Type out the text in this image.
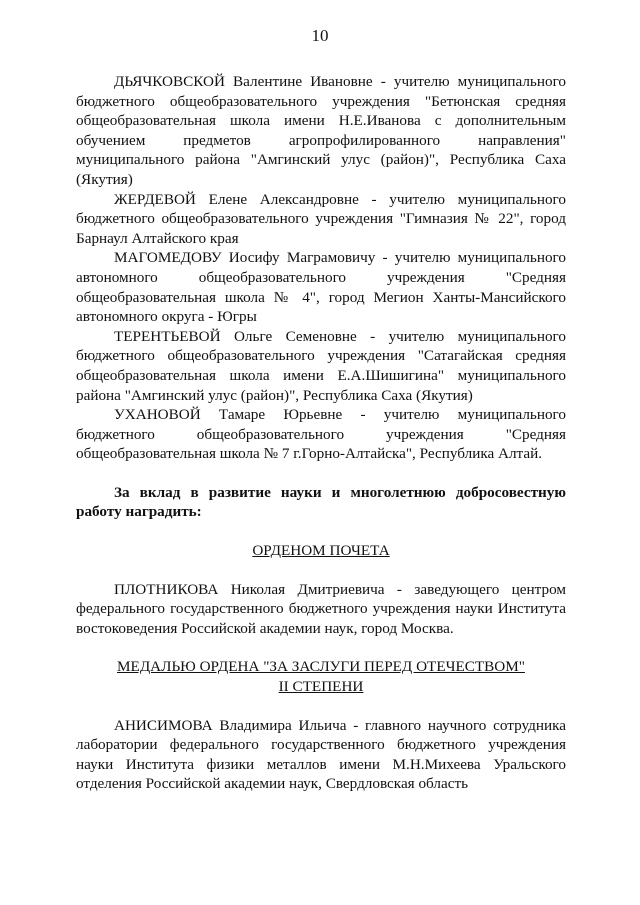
10

ДЬЯЧКОВСКОЙ Валентине Ивановне - учителю муниципального бюджетного общеобразовательного учреждения "Бетюнская средняя общеобразовательная школа имени Н.Е.Иванова с дополнительным обучением предметов агропрофилированного направления" муниципального района "Амгинский улус (район)", Республика Саха (Якутия)

ЖЕРДЕВОЙ Елене Александровне - учителю муниципального бюджетного общеобразовательного учреждения "Гимназия № 22", город Барнаул Алтайского края

МАГОМЕДОВУ Иосифу Маграмовичу - учителю муниципального автономного общеобразовательного учреждения "Средняя общеобразовательная школа № 4", город Мегион Ханты-Мансийского автономного округа - Югры

ТЕРЕНТЬЕВОЙ Ольге Семеновне - учителю муниципального бюджетного общеобразовательного учреждения "Сатагайская средняя общеобразовательная школа имени Е.А.Шишигина" муниципального района "Амгинский улус (район)", Республика Саха (Якутия)

УХАНОВОЙ Тамаре Юрьевне - учителю муниципального бюджетного общеобразовательного учреждения "Средняя общеобразовательная школа № 7 г.Горно-Алтайска", Республика Алтай.

За вклад в развитие науки и многолетнюю добросовестную работу наградить:

ОРДЕНОМ ПОЧЕТА

ПЛОТНИКОВА Николая Дмитриевича - заведующего центром федерального государственного бюджетного учреждения науки Института востоковедения Российской академии наук, город Москва.

МЕДАЛЬЮ ОРДЕНА "ЗА ЗАСЛУГИ ПЕРЕД ОТЕЧЕСТВОМ"

II СТЕПЕНИ

АНИСИМОВА Владимира Ильича - главного научного сотрудника лаборатории федерального государственного бюджетного учреждения науки Института физики металлов имени М.Н.Михеева Уральского отделения Российской академии наук, Свердловская область
